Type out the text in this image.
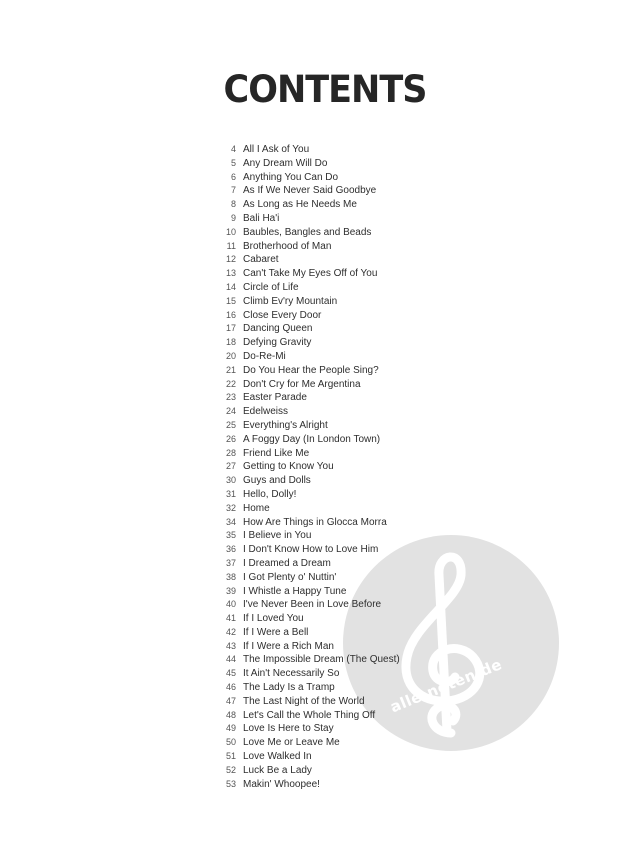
alle-noten.de
CONTENTS
4 All I Ask of You
5 Any Dream Will Do
6 Anything You Can Do
7 As If We Never Said Goodbye
8 As Long as He Needs Me
9 Bali Ha'i
10 Baubles, Bangles and Beads
11 Brotherhood of Man
12 Cabaret
13 Can't Take My Eyes Off of You
14 Circle of Life
15 Climb Ev'ry Mountain
16 Close Every Door
17 Dancing Queen
18 Defying Gravity
20 Do-Re-Mi
21 Do You Hear the People Sing?
22 Don't Cry for Me Argentina
23 Easter Parade
24 Edelweiss
25 Everything's Alright
26 A Foggy Day (In London Town)
28 Friend Like Me
27 Getting to Know You
30 Guys and Dolls
31 Hello, Dolly!
32 Home
34 How Are Things in Glocca Morra
35 I Believe in You
36 I Don't Know How to Love Him
37 I Dreamed a Dream
38 I Got Plenty o' Nuttin'
39 I Whistle a Happy Tune
40 I've Never Been in Love Before
41 If I Loved You
42 If I Were a Bell
43 If I Were a Rich Man
44 The Impossible Dream (The Quest)
45 It Ain't Necessarily So
46 The Lady Is a Tramp
47 The Last Night of the World
48 Let's Call the Whole Thing Off
49 Love Is Here to Stay
50 Love Me or Leave Me
51 Love Walked In
52 Luck Be a Lady
53 Makin' Whoopee!
